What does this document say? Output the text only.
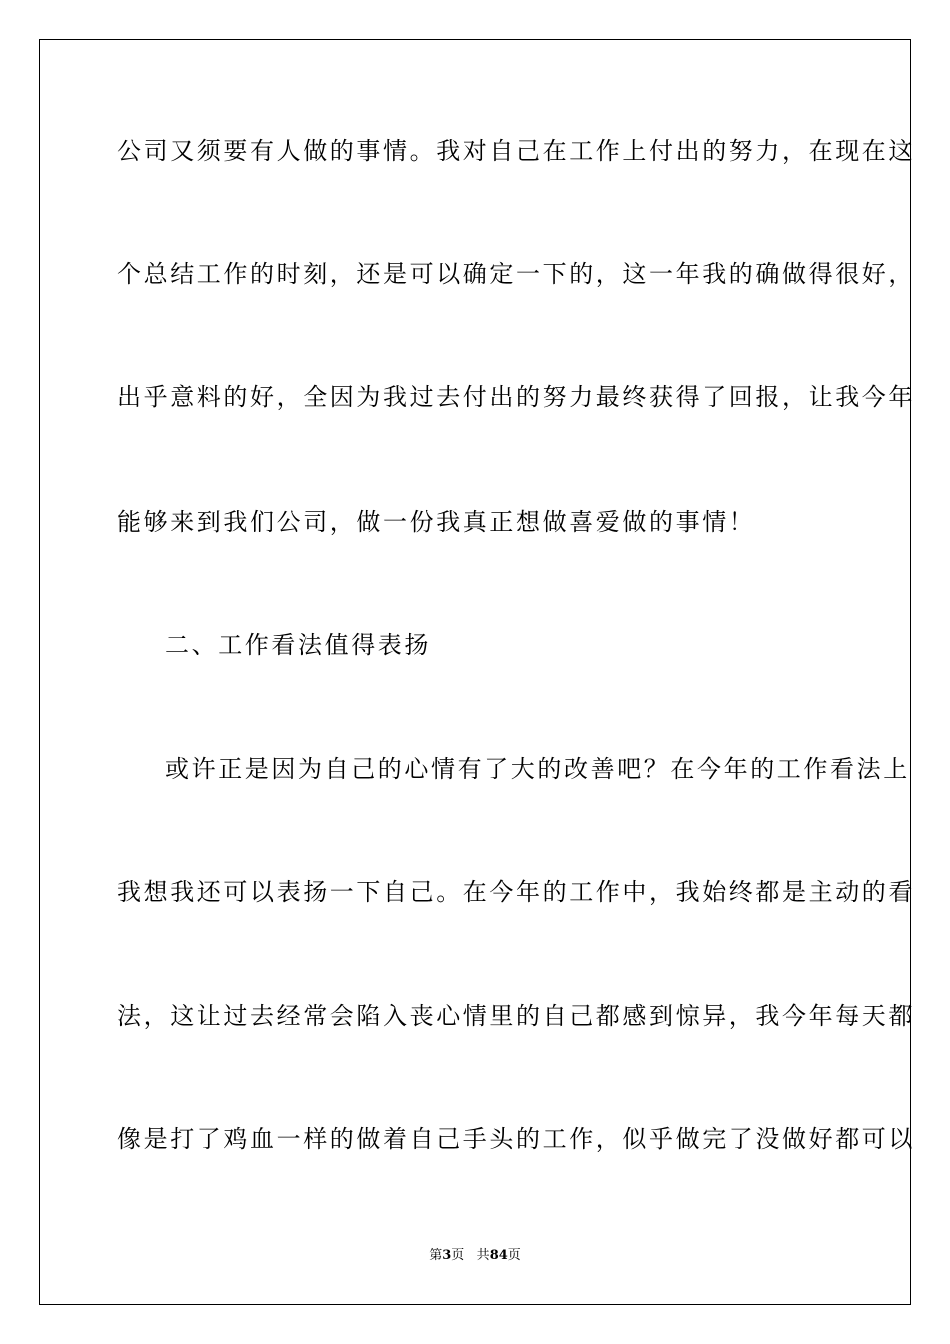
公司又须要有人做的事情。我对自己在工作上付出的努力，在现在这
个总结工作的时刻，还是可以确定一下的，这一年我的确做得很好，
出乎意料的好，全因为我过去付出的努力最终获得了回报，让我今年
能够来到我们公司，做一份我真正想做喜爱做的事情！
二、工作看法值得表扬
或许正是因为自己的心情有了大的改善吧？在今年的工作看法上
我想我还可以表扬一下自己。在今年的工作中，我始终都是主动的看
法，这让过去经常会陷入丧心情里的自己都感到惊异，我今年每天都
像是打了鸡血一样的做着自己手头的工作，似乎做完了没做好都可以
第3页 共84页
